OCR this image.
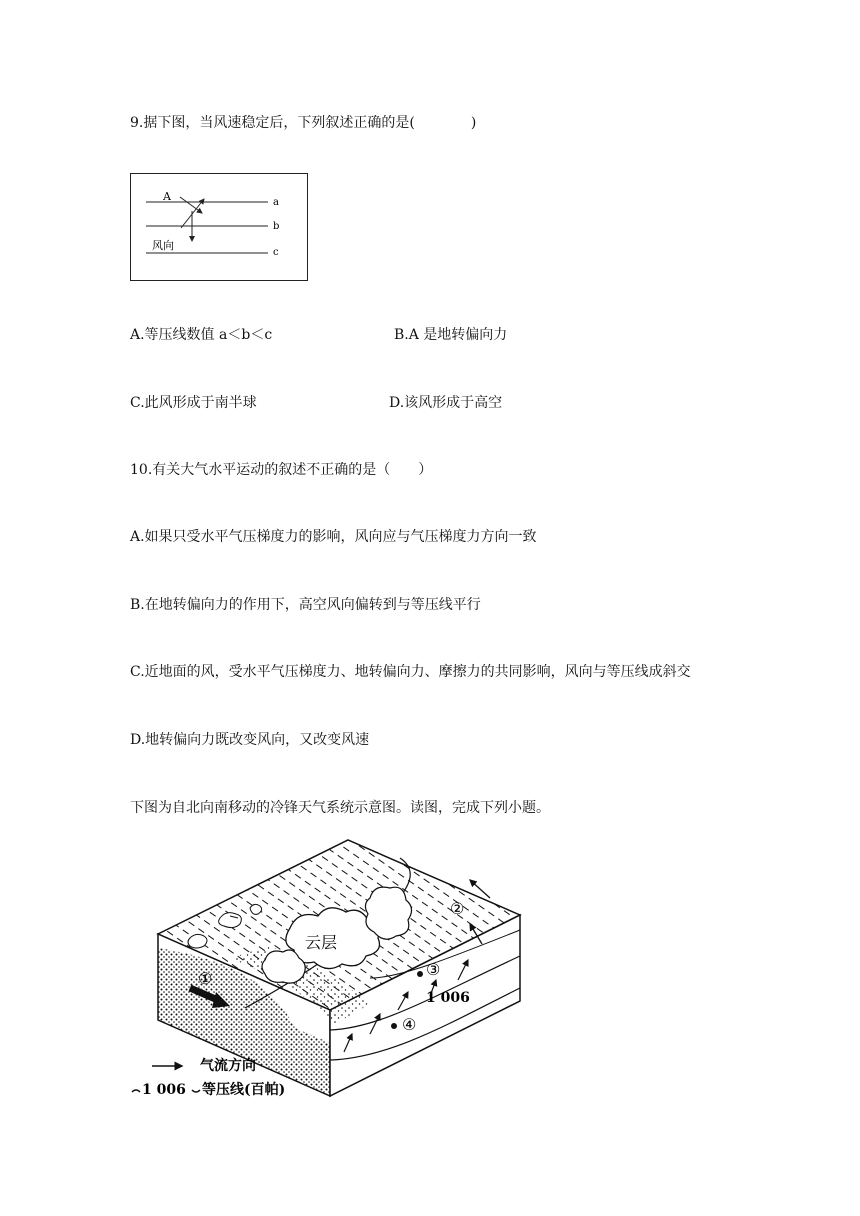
9.据下图，当风速稳定后，下列叙述正确的是(　　　　)
A	a
b
c
风向
A.等压线数值 a＜b＜c	B.A 是地转偏向力
C.此风形成于南半球	D.该风形成于高空
10.有关大气水平运动的叙述不正确的是（　　）
A.如果只受水平气压梯度力的影响，风向应与气压梯度力方向一致
B.在地转偏向力的作用下，高空风向偏转到与等压线平行
C.近地面的风，受水平气压梯度力、地转偏向力、摩擦力的共同影响，风向与等压线成斜交
D.地转偏向力既改变风向，又改变风速
下图为自北向南移动的冷锋天气系统示意图。读图，完成下列小题。
云层
①
②
③
④
1 006
气流方向
1 006 等压线(百帕)
